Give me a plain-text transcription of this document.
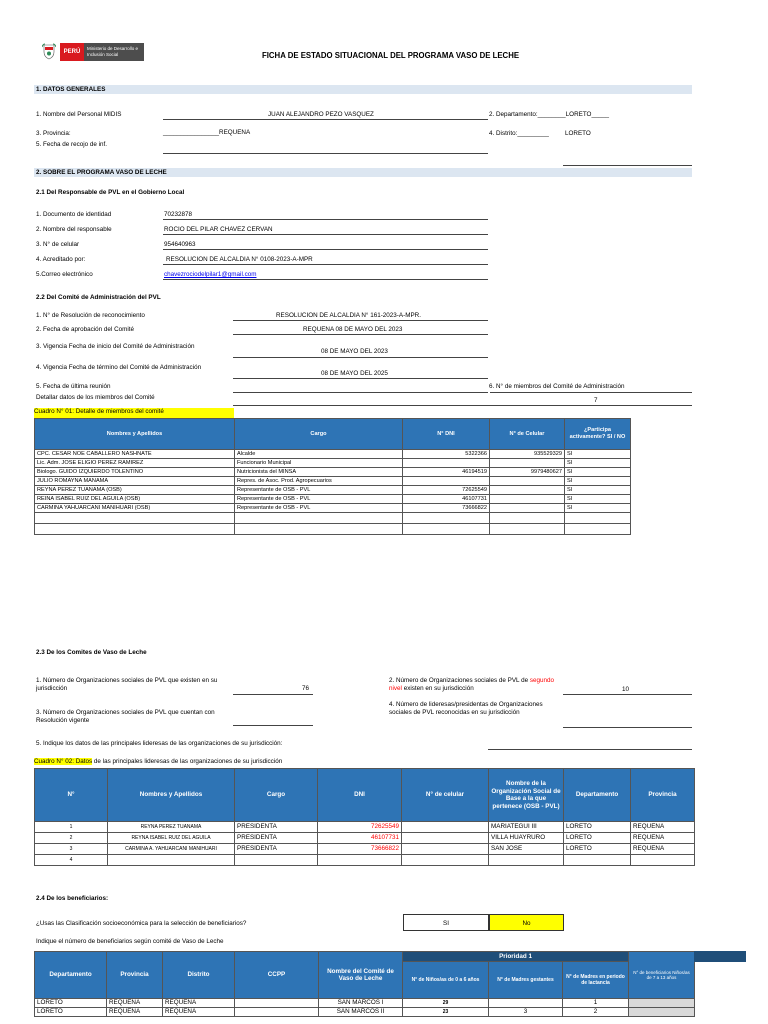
PERÚ
Ministerio de Desarrollo e Inclusión Social	FICHA DE ESTADO SITUACIONAL DEL PROGRAMA VASO DE LECHE
1. DATOS GENERALES
1. Nombre del Personal MIDIS	JUAN ALEJANDRO PEZO VASQUEZ	2. Departamento:________LORETO_____
3. Provincia:	________________REQUENA	4. Distrito:_________	LORETO
5. Fecha de recojo de inf.
2. SOBRE EL PROGRAMA VASO DE LECHE
2.1 Del Responsable de PVL en el Gobierno Local
1. Documento de identidad	70232878
2. Nombre del responsable	ROCIO DEL PILAR CHAVEZ CERVAN
3. N° de celular	954640963
4. Acreditado por:	RESOLUCION DE ALCALDIA N° 0108-2023-A-MPR
5.Correo electrónico	chavezrociodelpilar1@gmail.com
2.2 Del Comité de Administración del PVL
1. N° de Resolución de reconocimiento	RESOLUCION DE ALCALDIA N° 161-2023-A-MPR.
2. Fecha de aprobación del Comité	REQUENA 08 DE MAYO DEL 2023
3. Vigencia Fecha de inicio del Comité de Administración
08 DE MAYO DEL 2023
4. Vigencia Fecha de término del Comité de Administración
08 DE MAYO DEL 2025
5. Fecha de última reunión	6. N° de miembros del Comité de Administración
Detallar datos de los miembros del Comité	7
Cuadro N° 01: Detalle de miembros del comité
Nombres y Apellidos	Cargo	N° DNI	N° de Celular	¿Participa activamente? SI / NO
CPC. CESAR NOE CABALLERO NASHNATE	Alcalde	5322366	935529329	SI
Lic. Adm. JOSE ELIGIO PEREZ RAMIREZ	Funcionario Municipal			SI
Biologo. GUIDO IZQUIERDO TOLENTINO	Nutricionista del MINSA	46194519	9979480627	SI
JULIO ROMAYNA MANAMA	Repres. de Asoc. Prod. Agropecuarios			SI
REYNA PEREZ TUANAMA (OSB)	Representante de OSB - PVL	72625549		SI
REINA ISABEL RUIZ DEL AGUILA (OSB)	Representante de OSB - PVL	46107731		SI
CARMINA YAHUARCANI MANIHUARI (OSB)	Representante de OSB - PVL	73666822		SI

2.3 De los Comites de Vaso de Leche
1. Número de Organizaciones sociales de PVL que existen en su jurisdicción	76
2. Número de Organizaciones sociales de PVL de segundo nivel existen en su jurisdicción	10
3. Número de Organizaciones sociales de PVL que cuentan con Resolución vigente
4. Número de lideresas/presidentas de Organizaciones sociales de PVL reconocidas en su jurisdicción
5. Indique los datos de las principales lideresas de las organizaciones de su jurisdicción:
Cuadro N° 02: Datos de las principales lideresas de las organizaciones de su jurisdicción
N°	Nombres y Apellidos	Cargo	DNI	N° de celular	Nombre de la Organización Social de Base a la que pertenece (OSB - PVL)	Departamento	Provincia
1	REYNA PEREZ TUANAMA	PRESIDENTA	72625549		MARIATEGUI III	LORETO	REQUENA
2	REYNA ISABEL RUIZ DEL AGUILA	PRESIDENTA	46107731		VILLA HUAYRURO	LORETO	REQUENA
3	CARMINA A. YAHUARCANI MANIHUARI	PRESIDENTA	73666822		SAN JOSE	LORETO	REQUENA
4							
2.4 De los beneficiarios:
¿Usas las Clasificación socioeconómica para la selección de beneficiarios?	SI	No
Indique el número de beneficiarios según comité de Vaso de Leche
Departamento	Provincia	Distrito	CCPP	Nombre del Comité de Vaso de Leche	Prioridad 1			N° de beneficiarios Niños/as de 7 a 13 años
					N° de Niños/as de 0 a 6 años	N° de Madres gestantes	N° de Madres en periodo de lactancia	
LORETO	REQUENA	REQUENA		SAN MARCOS I	29		1	
LORETO	REQUENA	REQUENA		SAN MARCOS II	23	3	2	
